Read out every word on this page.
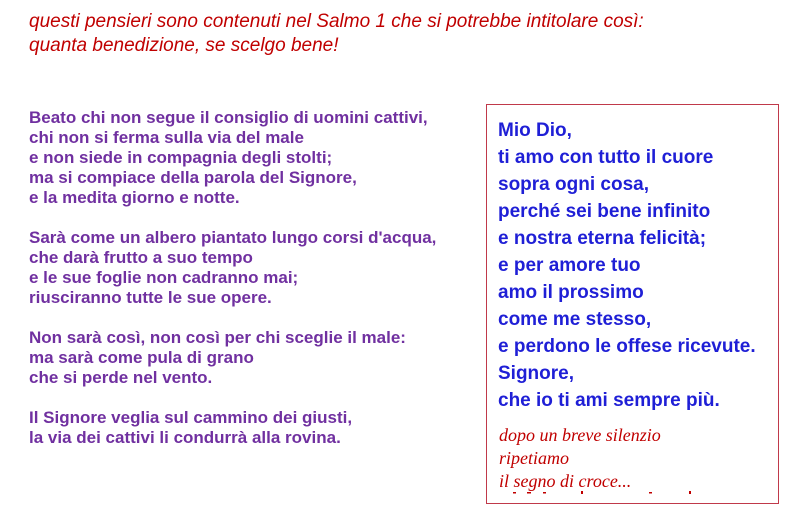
questi pensieri sono contenuti nel Salmo 1 che si potrebbe intitolare così:
quanta benedizione, se scelgo bene!
Beato chi non segue il consiglio di uomini cattivi,
chi non si ferma sulla via del male
e non siede in compagnia degli stolti;
ma si compiace della parola del Signore,
e la medita giorno e notte.
Sarà come un albero piantato lungo corsi d'acqua,
che darà frutto a suo tempo
e le sue foglie non cadranno mai;
riusciranno tutte le sue opere.
Non sarà così, non così per chi sceglie il male:
ma sarà come pula di grano
che si perde nel vento.
Il Signore veglia sul cammino dei giusti,
la via dei cattivi li condurrà alla rovina.
Mio Dio,
ti amo con tutto il cuore
sopra ogni cosa,
perché sei bene infinito
e nostra eterna felicità;
e per amore tuo
amo il prossimo
come me stesso,
e perdono le offese ricevute.
Signore,
che io ti ami sempre più.
dopo un breve silenzio
ripetiamo
il segno di croce...
